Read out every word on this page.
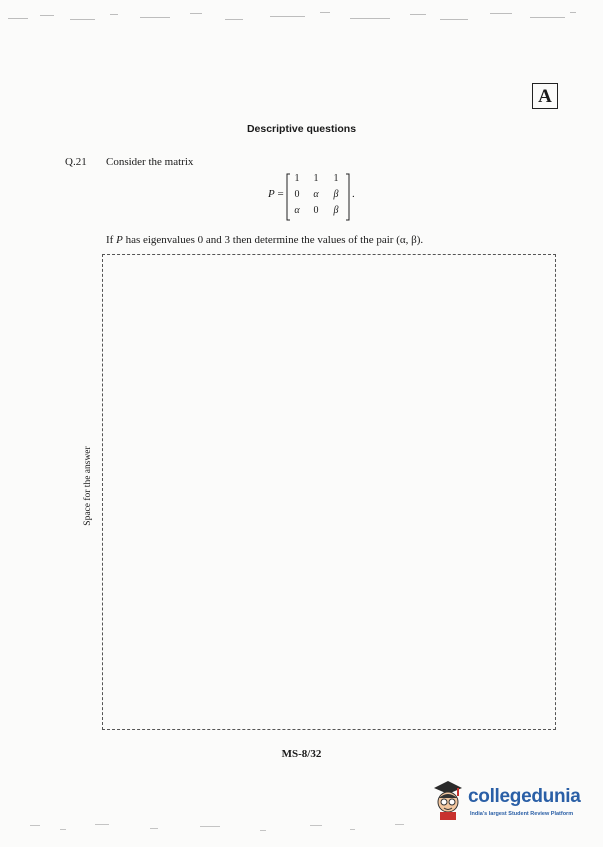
A
Descriptive questions
Q.21 Consider the matrix
P =
1	1	1
0	α	β
α	0	β
.
If P has eigenvalues 0 and 3 then determine the values of the pair (α, β).
Space for the answer
MS-8/32
collegedunia
India's largest Student Review Platform
